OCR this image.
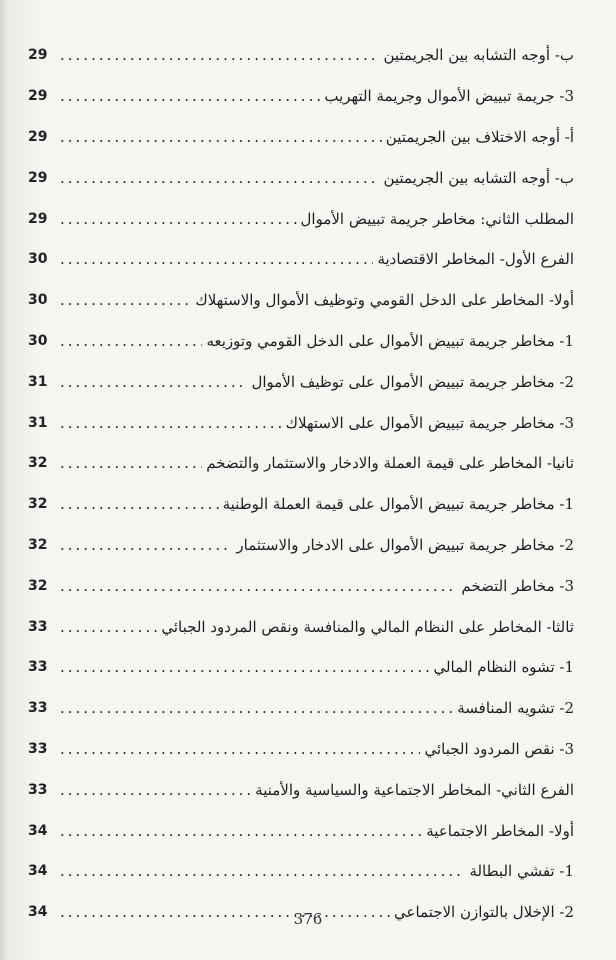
ب- أوجه التشابه بين الجريمتين
.....
29
3- جريمة تبييض الأموال وجريمة التهريب
.....
29
أ- أوجه الاختلاف بين الجريمتين
.....
29
ب- أوجه التشابه بين الجريمتين
.....
29
المطلب الثاني: مخاطر جريمة تبييض الأموال
.....
29
الفرع الأول- المخاطر الاقتصادية
.....
30
أولا- المخاطر على الدخل القومي وتوظيف الأموال والاستهلاك
.....
30
1- مخاطر جريمة تبييض الأموال على الدخل القومي وتوزيعه
.....
30
2- مخاطر جريمة تبييض الأموال على توظيف الأموال
.....
31
3- مخاطر جريمة تبييض الأموال على الاستهلاك
.....
31
ثانيا- المخاطر على قيمة العملة والادخار والاستثمار والتضخم
.....
32
1- مخاطر جريمة تبييض الأموال على قيمة العملة الوطنية
.....
32
2- مخاطر جريمة تبييض الأموال على الادخار والاستثمار
.....
32
3- مخاطر التضخم
.....
32
ثالثا- المخاطر على النظام المالي والمنافسة ونقص المردود الجبائي
.....
33
1- تشوه النظام المالي
.....
33
2- تشويه المنافسة
.....
33
3- نقص المردود الجبائي
.....
33
الفرع الثاني- المخاطر الاجتماعية والسياسية والأمنية
.....
33
أولا- المخاطر الاجتماعية
.....
34
1- تفشي البطالة
.....
34
2- الإخلال بالتوازن الاجتماعي
.....
34	376
